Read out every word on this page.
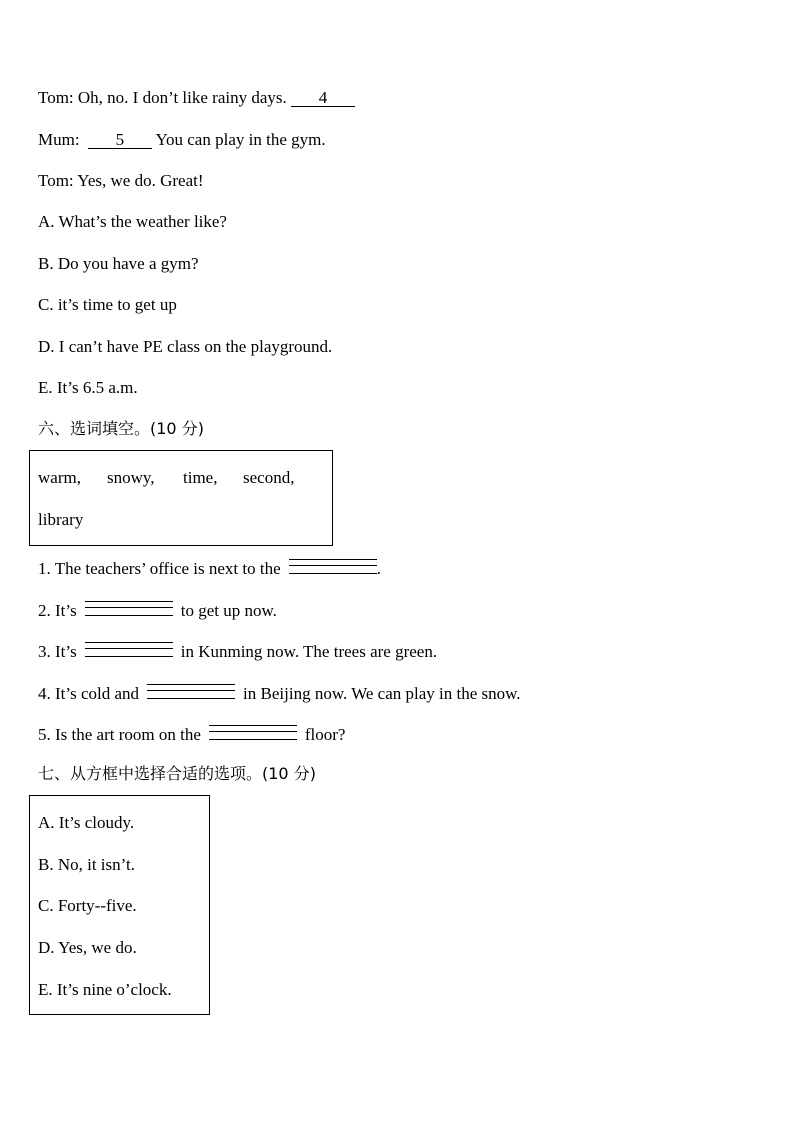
Tom: Oh, no. I don’t like rainy days. 4
Mum: 5 You can play in the gym.
Tom: Yes, we do. Great!
A. What’s the weather like?
B. Do you have a gym?
C. it’s time to get up
D. I can’t have PE class on the playground.
E. It’s 6.5 a.m.
六、选词填空。(10 分)
warm, snowy, time, second,
library
1. The teachers’ office is next to the	.
2. It’s	to get up now.
3. It’s	in Kunming now. The trees are green.
4. It’s cold and	in Beijing now. We can play in the snow.
5. Is the art room on the	floor?
七、从方框中选择合适的选项。(10 分)
A. It’s cloudy.
B. No, it isn’t.
C. Forty--five.
D. Yes, we do.
E. It’s nine o’clock.
